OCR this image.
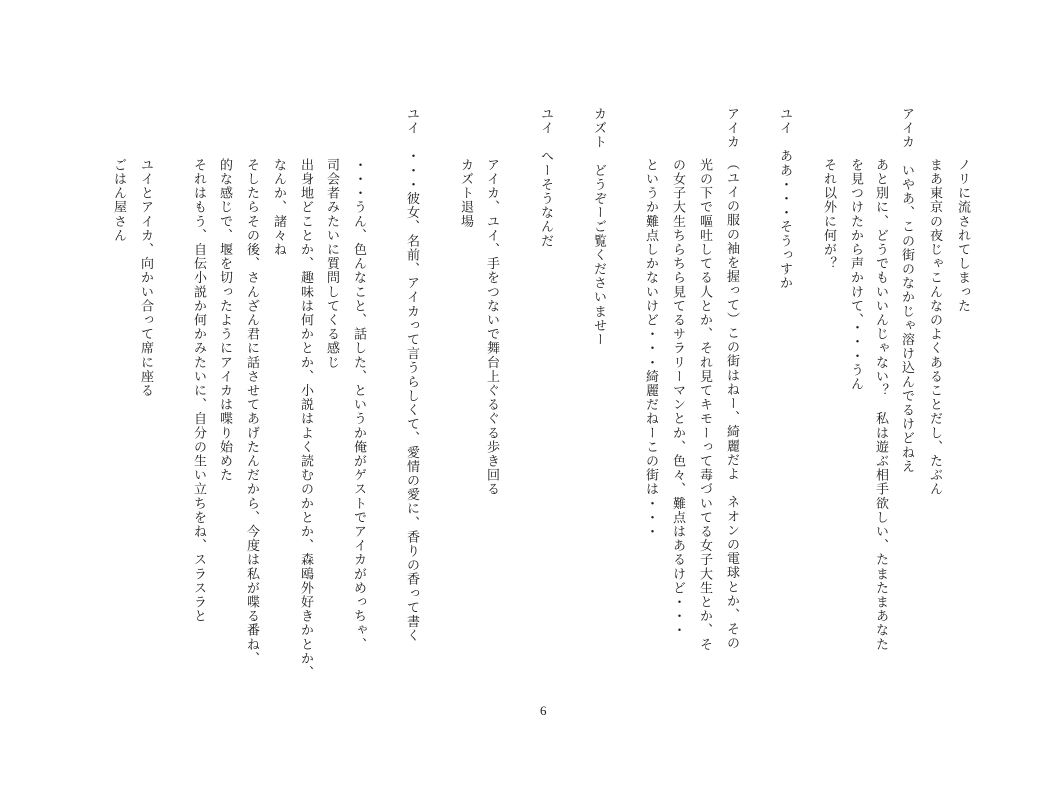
ノリに流されてしまった
まあ東京の夜じゃこんなのよくあることだし、たぶん
アイカ　いやあ、この街のなかじゃ溶け込んでるけどねえ
あと別に、どうでもいいんじゃない？　私は遊ぶ相手欲しい、たまたまあなた
を見つけたから声かけて、・・・うん
それ以外に何が？
ユイ　ああ・・・そうっすか
アイカ　（ユイの服の袖を握って）この街はねー、綺麗だよ　ネオンの電球とか、その
光の下で嘔吐してる人とか、それ見てキモーって毒づいてる女子大生とか、そ
の女子大生ちらちら見てるサラリーマンとか、色々、難点はあるけど・・・
というか難点しかないけど・・・綺麗だねーこの街は・・・
カズト　どうぞーご覧くださいませー
ユイ　へーそうなんだ
アイカ、ユイ、手をつないで舞台上ぐるぐる歩き回る
カズト退場
ユイ　・・・彼女、名前、アイカって言うらしくて、愛情の愛に、香りの香って書く
・・・うん、色んなこと、話した、というか俺がゲストでアイカがめっちゃ、
司会者みたいに質問してくる感じ
出身地どことか、趣味は何かとか、小説はよく読むのかとか、森鴎外好きかとか、
なんか、諸々ね
そしたらその後、さんざん君に話させてあげたんだから、今度は私が喋る番ね、
的な感じで、堰を切ったようにアイカは喋り始めた
それはもう、自伝小説か何かみたいに、自分の生い立ちをね、スラスラと
ユイとアイカ、向かい合って席に座る
ごはん屋さん
6
